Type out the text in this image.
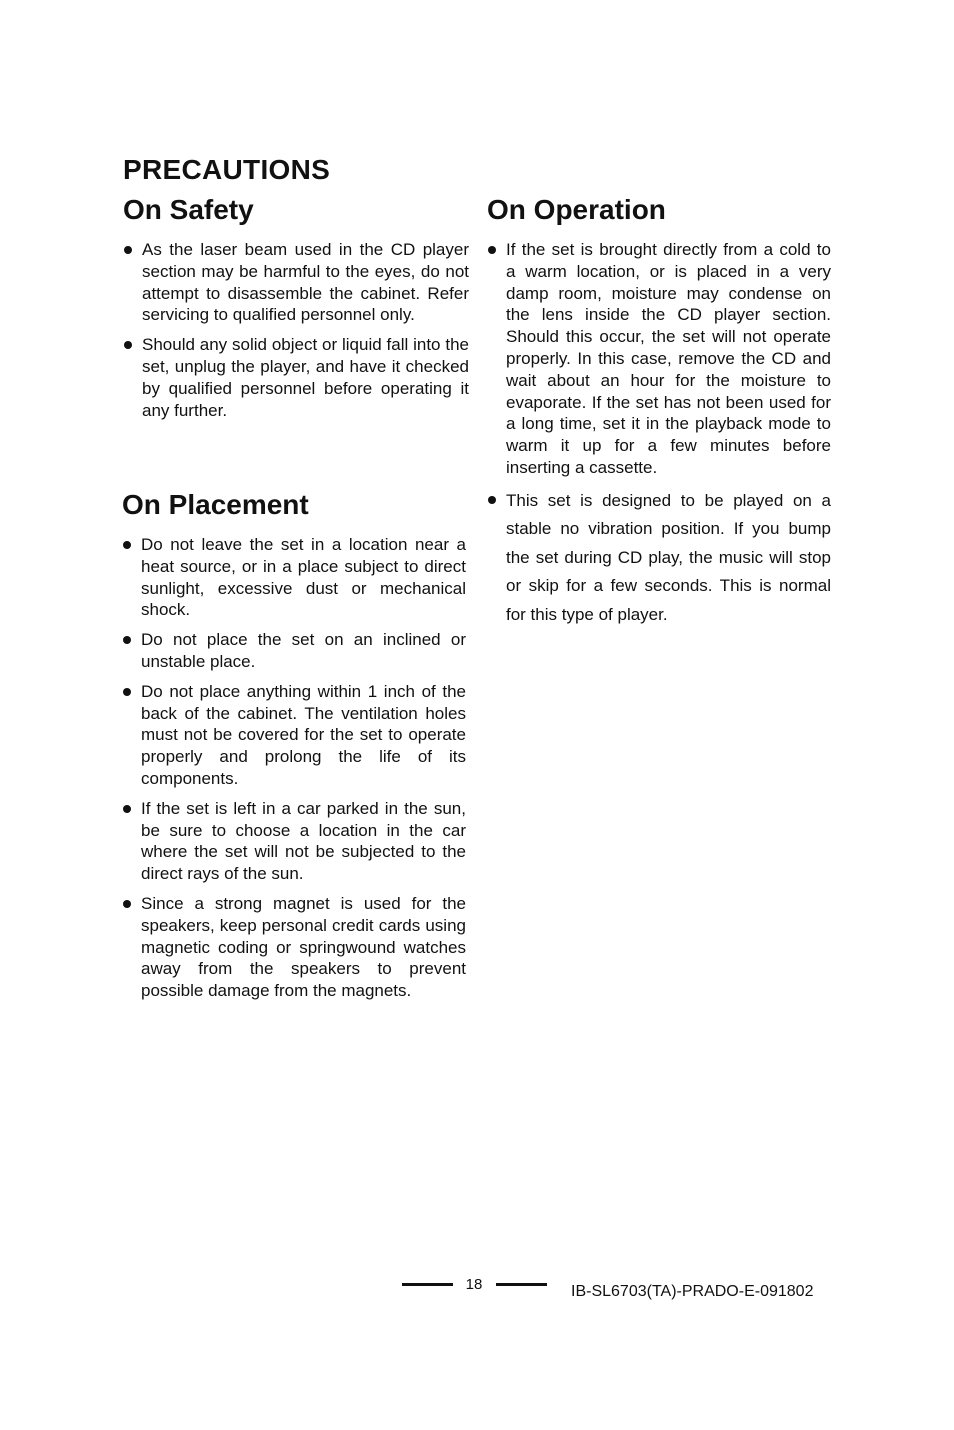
PRECAUTIONS
On Safety
As the laser beam used in the CD player section may be harmful to the eyes, do not attempt to disassemble the cabinet. Refer servicing to qualified personnel only.
Should any solid object or liquid fall into the set, unplug the player, and have it checked by qualified personnel before operating it any further.
On Placement
Do not leave the set in a location near a heat source, or in a place subject to direct sunlight, excessive dust or mechanical shock.
Do not place the set on an inclined or unstable place.
Do not place anything within 1 inch of the back of the cabinet. The ventilation holes must not be covered for the set to operate properly and prolong the life of its components.
If the set is left in a car parked in the sun, be sure to choose a location in the car where the set will not be subjected to the direct rays of the sun.
Since a strong magnet is used for the speakers, keep personal credit cards using magnetic coding or springwound watches away from the speakers to prevent possible damage from the magnets.
On Operation
If the set is brought directly from a cold to a warm location, or is placed in a very damp room, moisture may condense on the lens inside the CD player section. Should this occur, the set will not operate properly. In this case, remove the CD and wait about an hour for the moisture to evaporate. If the set has not been used for a long time, set it in the playback mode to warm it up for a few minutes before inserting a cassette.
This set is designed to be played on a stable no vibration position. If you bump the set during CD play, the music will stop or skip for a few seconds. This is normal for this type of player.
18	IB-SL6703(TA)-PRADO-E-091802
